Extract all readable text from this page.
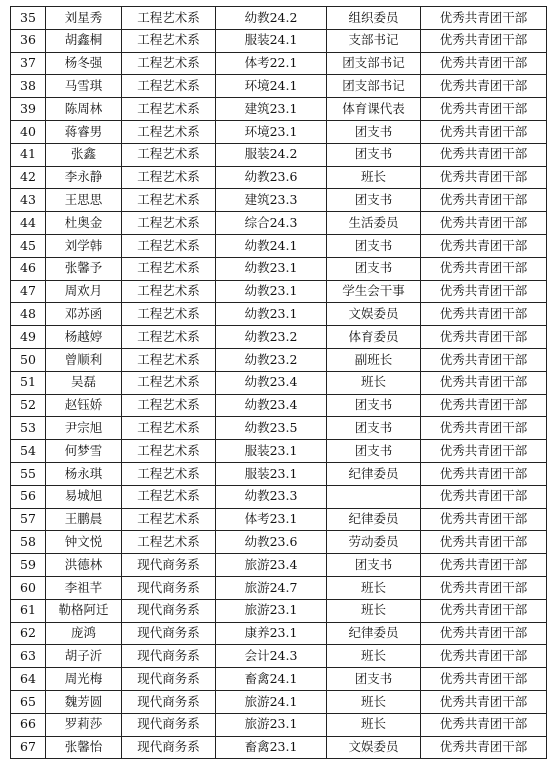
35	刘星秀	工程艺术系	幼教24.2	组织委员	优秀共青团干部
36	胡鑫桐	工程艺术系	服装24.1	支部书记	优秀共青团干部
37	杨冬强	工程艺术系	体考22.1	团支部书记	优秀共青团干部
38	马雪琪	工程艺术系	环境24.1	团支部书记	优秀共青团干部
39	陈周林	工程艺术系	建筑23.1	体育课代表	优秀共青团干部
40	蒋睿男	工程艺术系	环境23.1	团支书	优秀共青团干部
41	张鑫	工程艺术系	服装24.2	团支书	优秀共青团干部
42	李永静	工程艺术系	幼教23.6	班长	优秀共青团干部
43	王思思	工程艺术系	建筑23.3	团支书	优秀共青团干部
44	杜奥金	工程艺术系	综合24.3	生活委员	优秀共青团干部
45	刘学韩	工程艺术系	幼教24.1	团支书	优秀共青团干部
46	张馨予	工程艺术系	幼教23.1	团支书	优秀共青团干部
47	周欢月	工程艺术系	幼教23.1	学生会干事	优秀共青团干部
48	邓苏函	工程艺术系	幼教23.1	文娱委员	优秀共青团干部
49	杨越婷	工程艺术系	幼教23.2	体育委员	优秀共青团干部
50	曾顺利	工程艺术系	幼教23.2	副班长	优秀共青团干部
51	吴磊	工程艺术系	幼教23.4	班长	优秀共青团干部
52	赵钰娇	工程艺术系	幼教23.4	团支书	优秀共青团干部
53	尹宗旭	工程艺术系	幼教23.5	团支书	优秀共青团干部
54	何梦雪	工程艺术系	服装23.1	团支书	优秀共青团干部
55	杨永琪	工程艺术系	服装23.1	纪律委员	优秀共青团干部
56	易城旭	工程艺术系	幼教23.3		优秀共青团干部
57	王鹏晨	工程艺术系	体考23.1	纪律委员	优秀共青团干部
58	钟文悦	工程艺术系	幼教23.6	劳动委员	优秀共青团干部
59	洪德林	现代商务系	旅游23.4	团支书	优秀共青团干部
60	李祖芊	现代商务系	旅游24.7	班长	优秀共青团干部
61	勒格阿迁	现代商务系	旅游23.1	班长	优秀共青团干部
62	庞鸿	现代商务系	康养23.1	纪律委员	优秀共青团干部
63	胡子沂	现代商务系	会计24.3	班长	优秀共青团干部
64	周光梅	现代商务系	畜禽24.1	团支书	优秀共青团干部
65	魏芳圆	现代商务系	旅游24.1	班长	优秀共青团干部
66	罗莉莎	现代商务系	旅游23.1	班长	优秀共青团干部
67	张馨怡	现代商务系	畜禽23.1	文娱委员	优秀共青团干部
